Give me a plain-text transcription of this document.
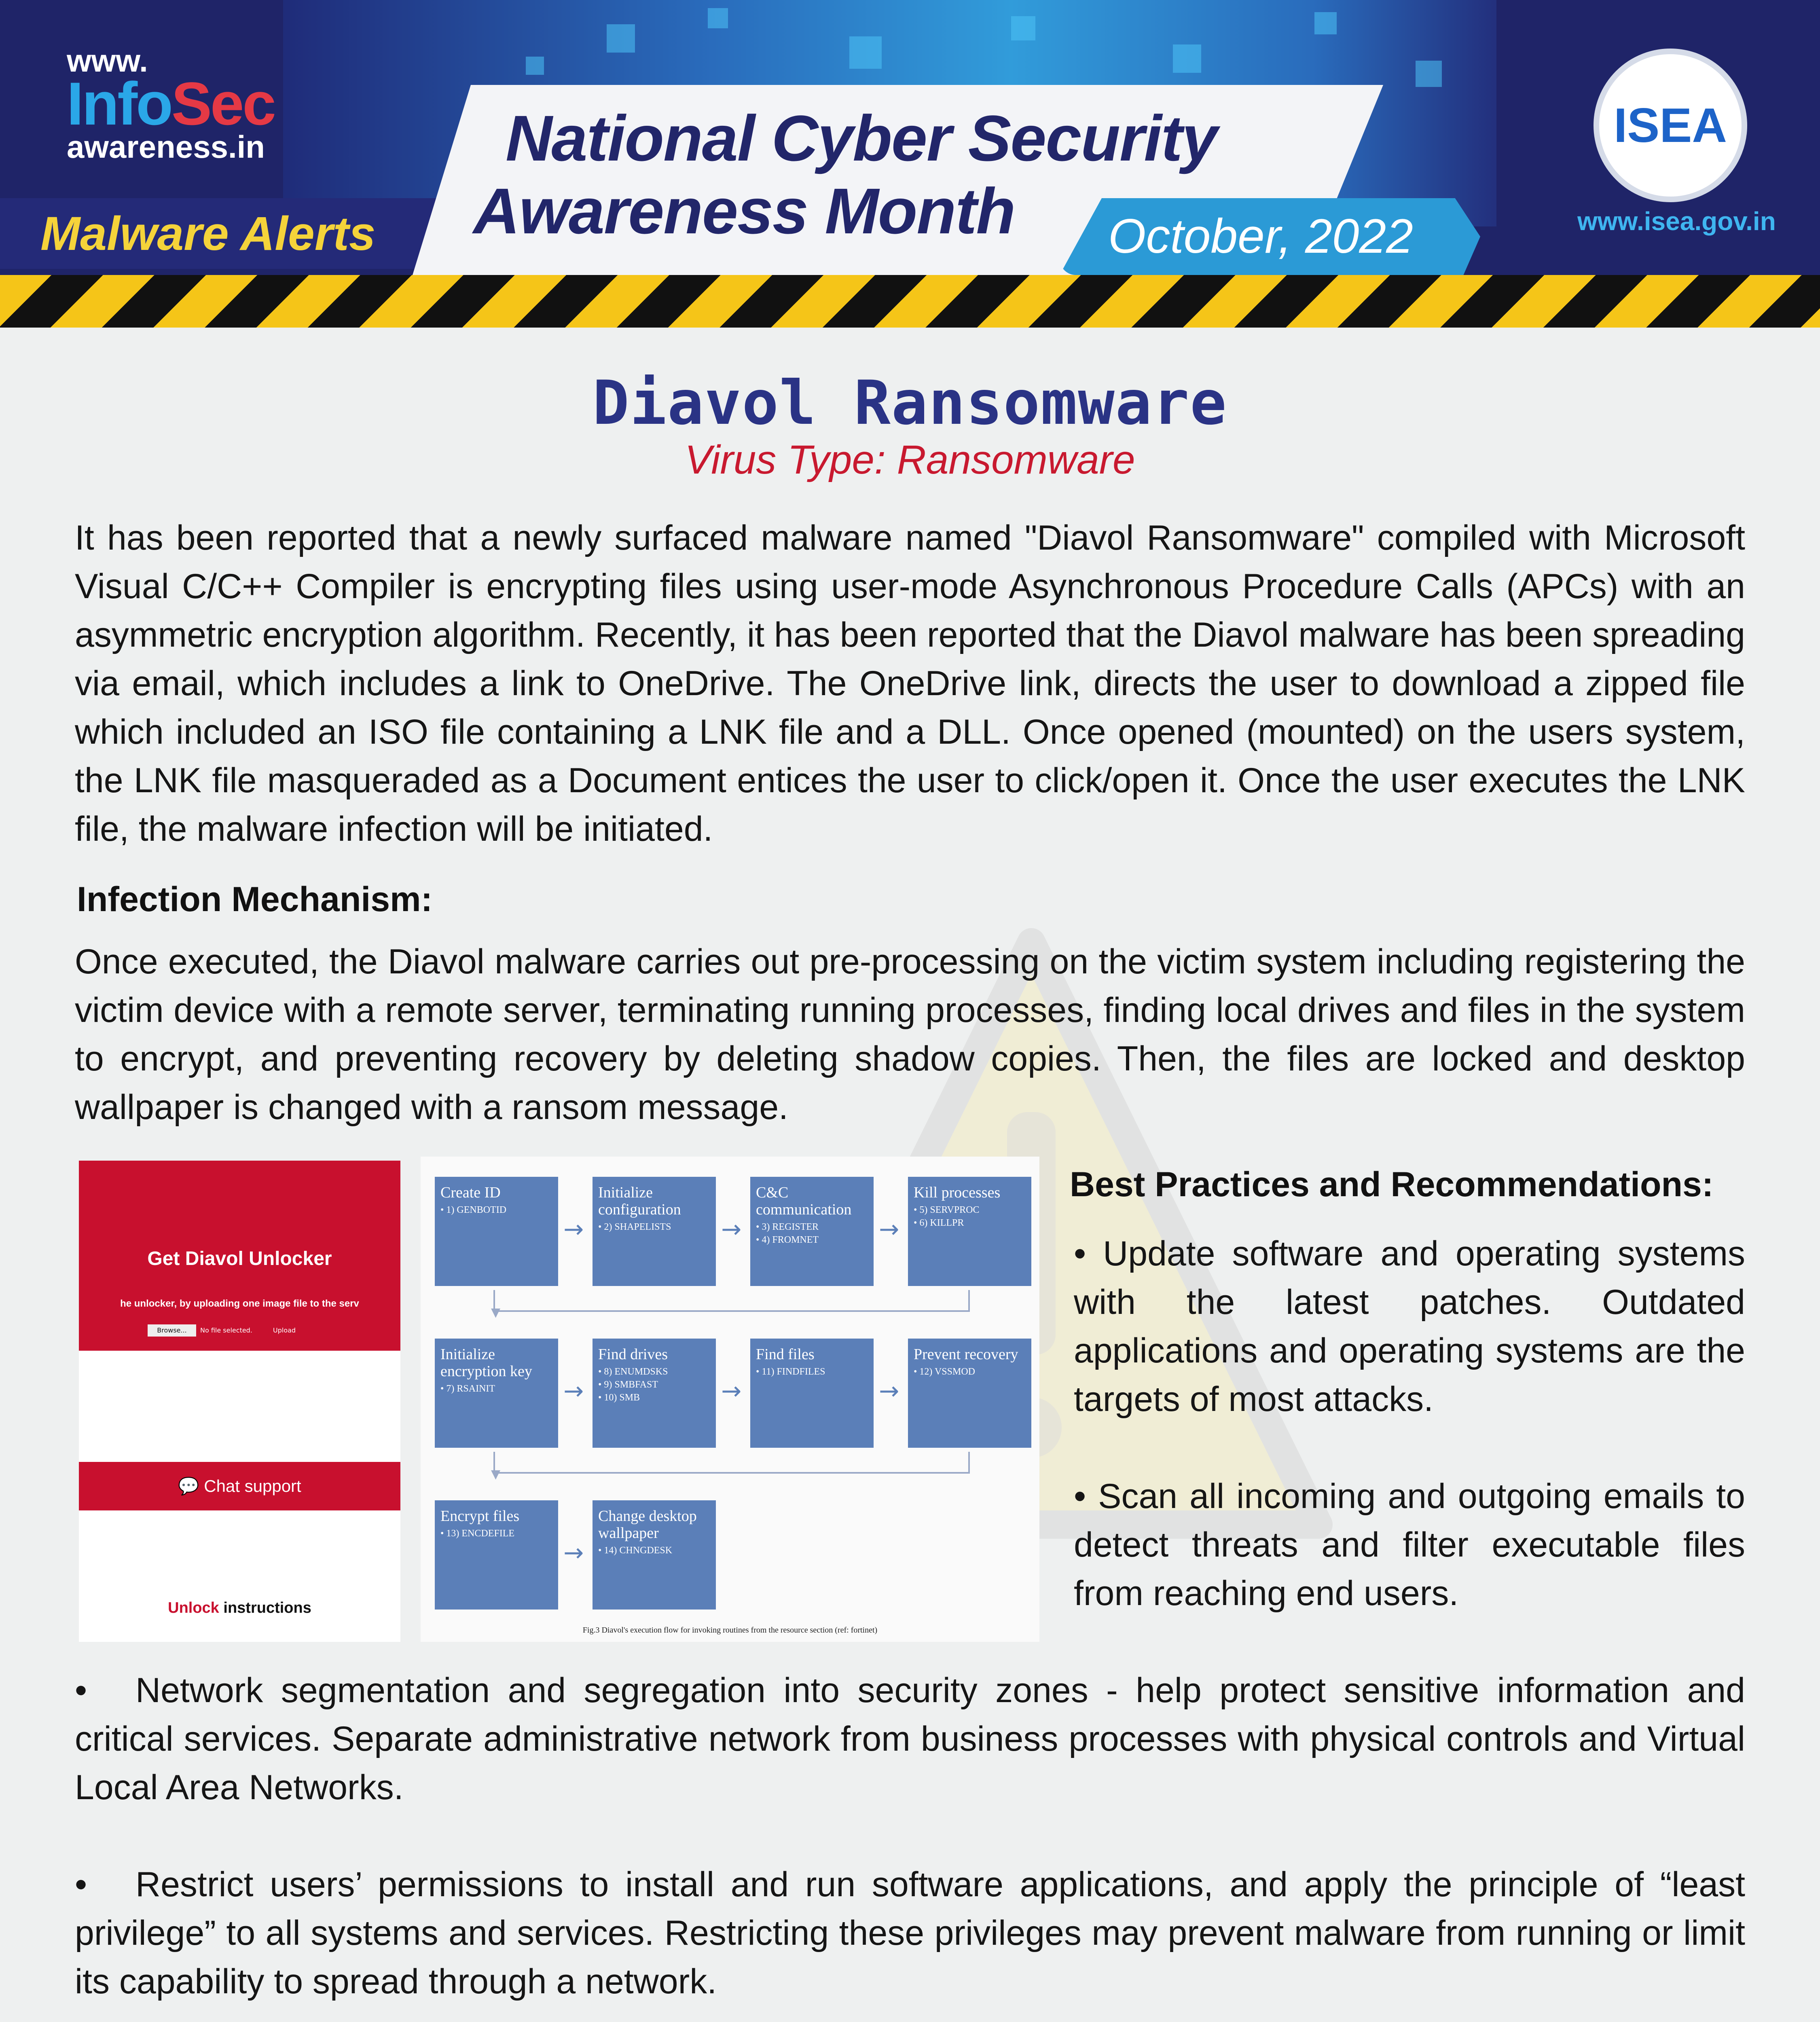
www.
InfoSec
awareness.in
Malware Alerts
National Cyber Security
Awareness Month October, 2022
ISEA
www.isea.gov.in
Diavol Ransomware
Virus Type: Ransomware
It has been reported that a newly surfaced malware named "Diavol Ransomware" compiled with Microsoft Visual C/C++ Compiler is encrypting files using user-mode Asynchronous Procedure Calls (APCs) with an asymmetric encryption algorithm. Recently, it has been reported that the Diavol malware has been spreading via email, which includes a link to OneDrive. The OneDrive link, directs the user to download a zipped file which included an ISO file containing a LNK file and a DLL. Once opened (mounted) on the users system, the LNK file masqueraded as a Document entices the user to click/open it. Once the user executes the LNK file, the malware infection will be initiated.
Infection Mechanism:
Once executed, the Diavol malware carries out pre-processing on the victim system including registering the victim device with a remote server, terminating running processes, finding local drives and files in the system to encrypt, and preventing recovery by deleting shadow copies. Then, the files are locked and desktop wallpaper is changed with a ransom message.
Get Diavol Unlocker
he unlocker, by uploading one image file to the serv
Browse...	No file selected.	Upload
💬 Chat support
Unlock instructions
▼
▼
Create ID
• 1) GENBOTID
→
Initialize configuration
• 2) SHAPELISTS	→
C&C communication
• 3) REGISTER
• 4) FROMNET	→
Kill processes
• 5) SERVPROC
• 6) KILLPR
Initialize encryption key
• 7) RSAINIT	→
Find drives
• 8) ENUMDSKS
• 9) SMBFAST
• 10) SMB	→
Find files
• 11) FINDFILES
→
Prevent recovery
• 12) VSSMOD
Encrypt files
• 13) ENCDEFILE
→
Change desktop wallpaper
• 14) CHNGDESK
Fig.3 Diavol's execution flow for invoking routines from the resource section (ref: fortinet)
Best Practices and Recommendations:
• Update software and operating systems with the latest patches. Outdated applications and operating systems are the targets of most attacks.
• Scan all incoming and outgoing emails to detect threats and filter executable files from reaching end users.
•	Network segmentation and segregation into security zones - help protect sensitive information and critical services. Separate administrative network from business processes with physical controls and Virtual Local Area Networks.
•	Restrict users’ permissions to install and run software applications, and apply the principle of “least privilege” to all systems and services. Restricting these privileges may prevent malware from running or limit its capability to spread through a network.
